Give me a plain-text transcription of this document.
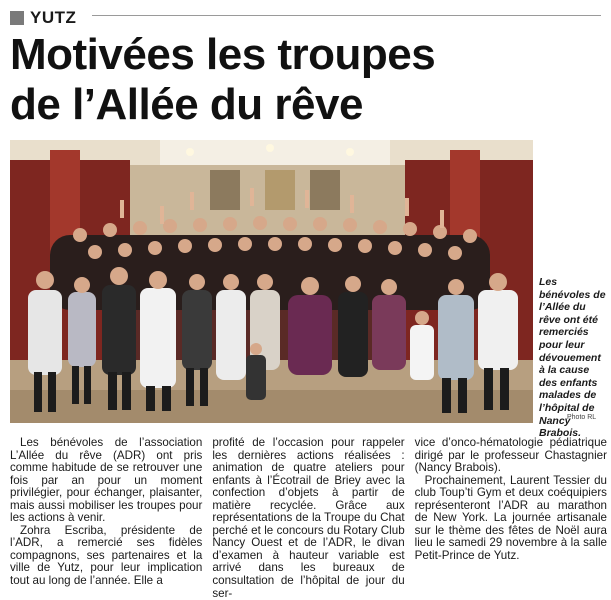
YUTZ
Motivées les troupes
de l’Allée du rêve
Les bénévoles de l’Allée du rêve ont été remerciés pour leur dévouement à la cause des enfants malades de l’hôpital de Nancy Brabois.
Photo RL

Les bénévoles de l’association L’Allée du rêve (ADR) ont pris comme habitude de se retrouver une fois par an pour un moment privilégier, pour échanger, plaisanter, mais aussi mobiliser les troupes pour les actions à venir.

Zohra Escriba, présidente de l’ADR, a remercié ses fidèles compagnons, ses partenaires et la ville de Yutz, pour leur implication tout au long de l’année. Elle a

profité de l’occasion pour rappeler les dernières actions réalisées : animation de quatre ateliers pour enfants à l’Écotrail de Briey avec la confection d’objets à partir de matière recyclée. Grâce aux représentations de la Troupe du Chat perché et le concours du Rotary Club Nancy Ouest et de l’ADR, le divan d’examen à hauteur variable est arrivé dans les bureaux de consultation de l’hôpital de jour du ser-

vice d’onco-hématologie pédiatrique dirigé par le professeur Chastagnier (Nancy Brabois).

Prochainement, Laurent Tessier du club Toup’ti Gym et deux coéquipiers représenteront l’ADR au marathon de New York. La journée artisanale sur le thème des fêtes de Noël aura lieu le samedi 29 novembre à la salle Petit-Prince de Yutz.
